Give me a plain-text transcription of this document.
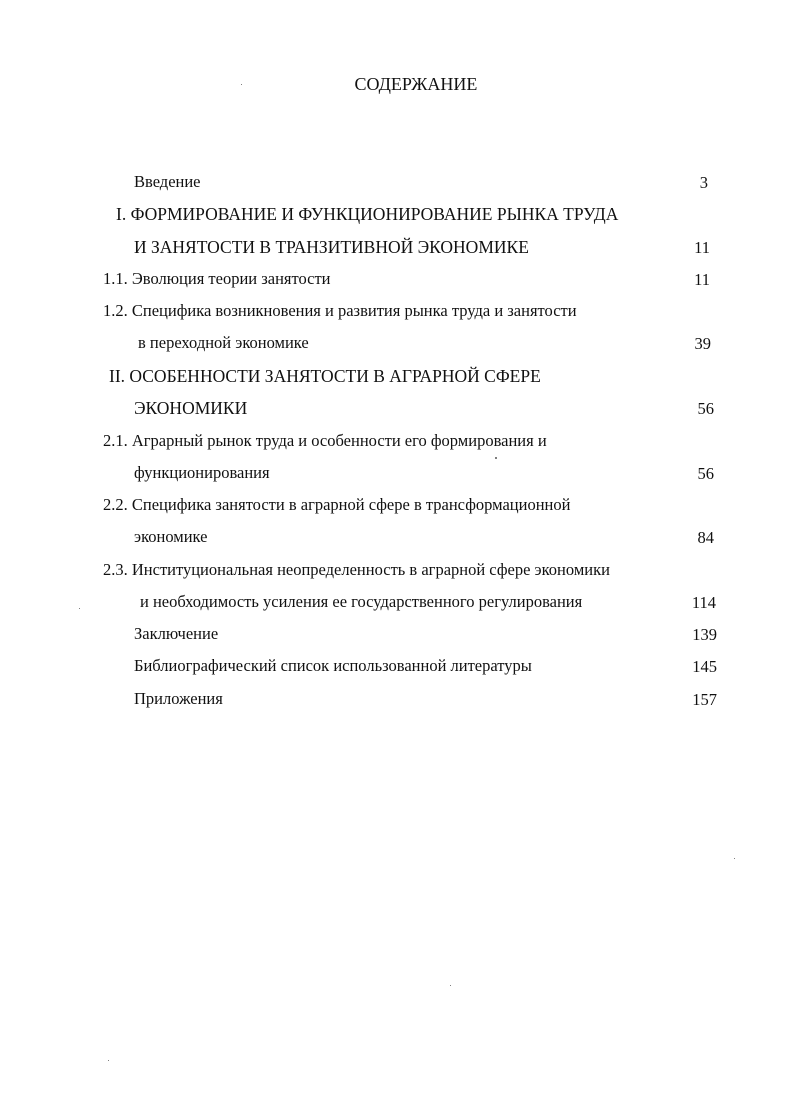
СОДЕРЖАНИЕ
Введение	3
I. ФОРМИРОВАНИЕ И ФУНКЦИОНИРОВАНИЕ РЫНКА ТРУДА
И ЗАНЯТОСТИ В ТРАНЗИТИВНОЙ ЭКОНОМИКЕ	11
1.1. Эволюция теории занятости	11
1.2. Специфика возникновения и развития рынка труда и занятости
в переходной экономике	39
II. ОСОБЕННОСТИ ЗАНЯТОСТИ В АГРАРНОЙ СФЕРЕ
ЭКОНОМИКИ	56
2.1. Аграрный рынок труда и особенности его формирования и
функционирования	56
2.2. Специфика занятости в аграрной сфере в трансформационной
экономике	84
2.3. Институциональная неопределенность в аграрной сфере экономики
и необходимость усиления ее государственного регулирования	114
Заключение	139
Библиографический список использованной литературы	145
Приложения	157
